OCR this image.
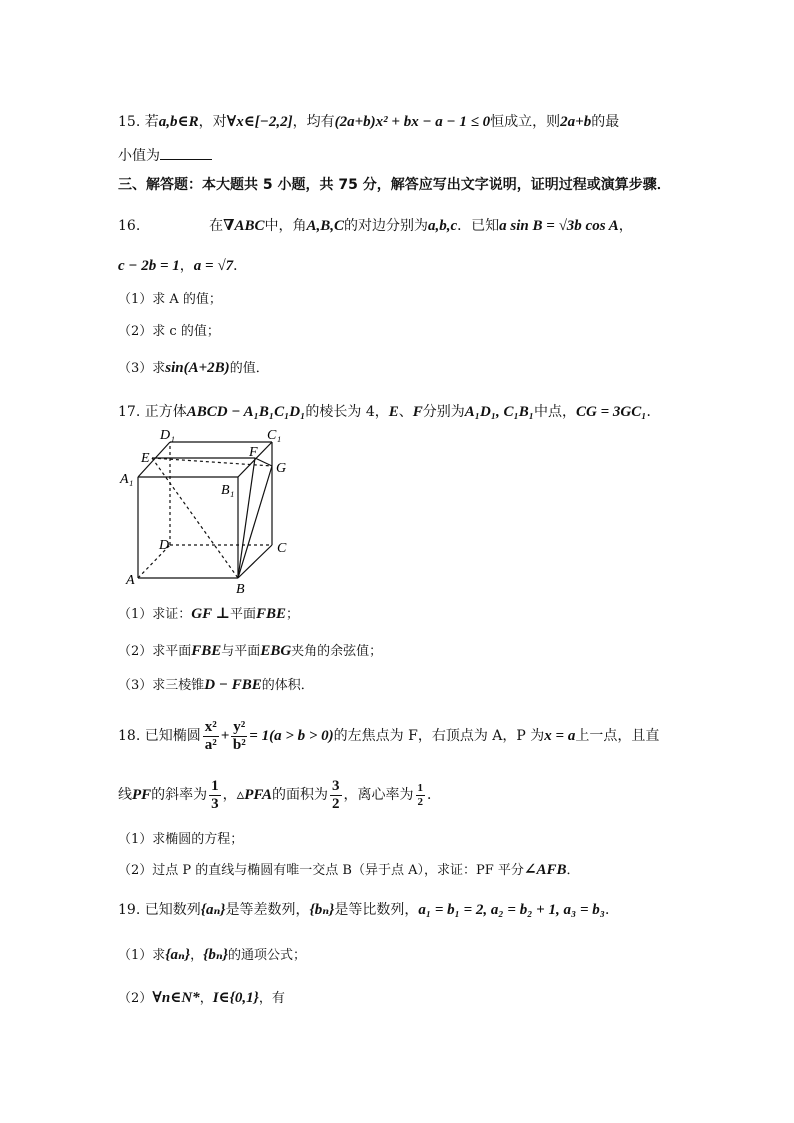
15. 若a,b∈R，对∀x∈[−2,2]，均有(2a+b)x² + bx − a − 1 ≤ 0恒成立，则2a+b的最
小值为
三、解答题：本大题共 5 小题，共 75 分，解答应写出文字说明，证明过程或演算步骤．
16.	在∇ABC中，角A,B,C的对边分别为a,b,c．已知a sin B = √3b cos A，
c − 2b = 1，a = √7．
（1）求 A 的值；
（2）求 c 的值；
（3）求sin(A+2B)的值．
17. 正方体ABCD − A₁B₁C₁D₁的棱长为 4，E、F分别为A₁D₁, C₁B₁中点，CG = 3GC₁．
D₁	C₁
E	F
G
A₁
B₁
D	C
A
B
（1）求证：GF ⊥平面FBE；
（2）求平面FBE与平面EBG夹角的余弦值；
（3）求三棱锥D − FBE的体积．
18. 已知椭圆 $\frac{\text{x²}}{\text{a²}} + \frac{\text{y²}}{\text{b²}} = 1(a > b > 0)$的左焦点为 F，右顶点为 A，P 为x = a上一点，且直
线PF的斜率为 $\frac{1}{3}$ ，▵PFA的面积为 $\frac{3}{2}$ ，离心率为 $\frac{1}{2}$ ．
（1）求椭圆的方程；
（2）过点 P 的直线与椭圆有唯一交点 B（异于点 A），求证：PF 平分∠AFB．
19. 已知数列{aₙ}是等差数列，{bₙ}是等比数列，a₁ = b₁ = 2, a₂ = b₂ + 1, a₃ = b₃．
（1）求{aₙ}，{bₙ}的通项公式；
（2）∀n∈N*，I∈{0,1}，有
